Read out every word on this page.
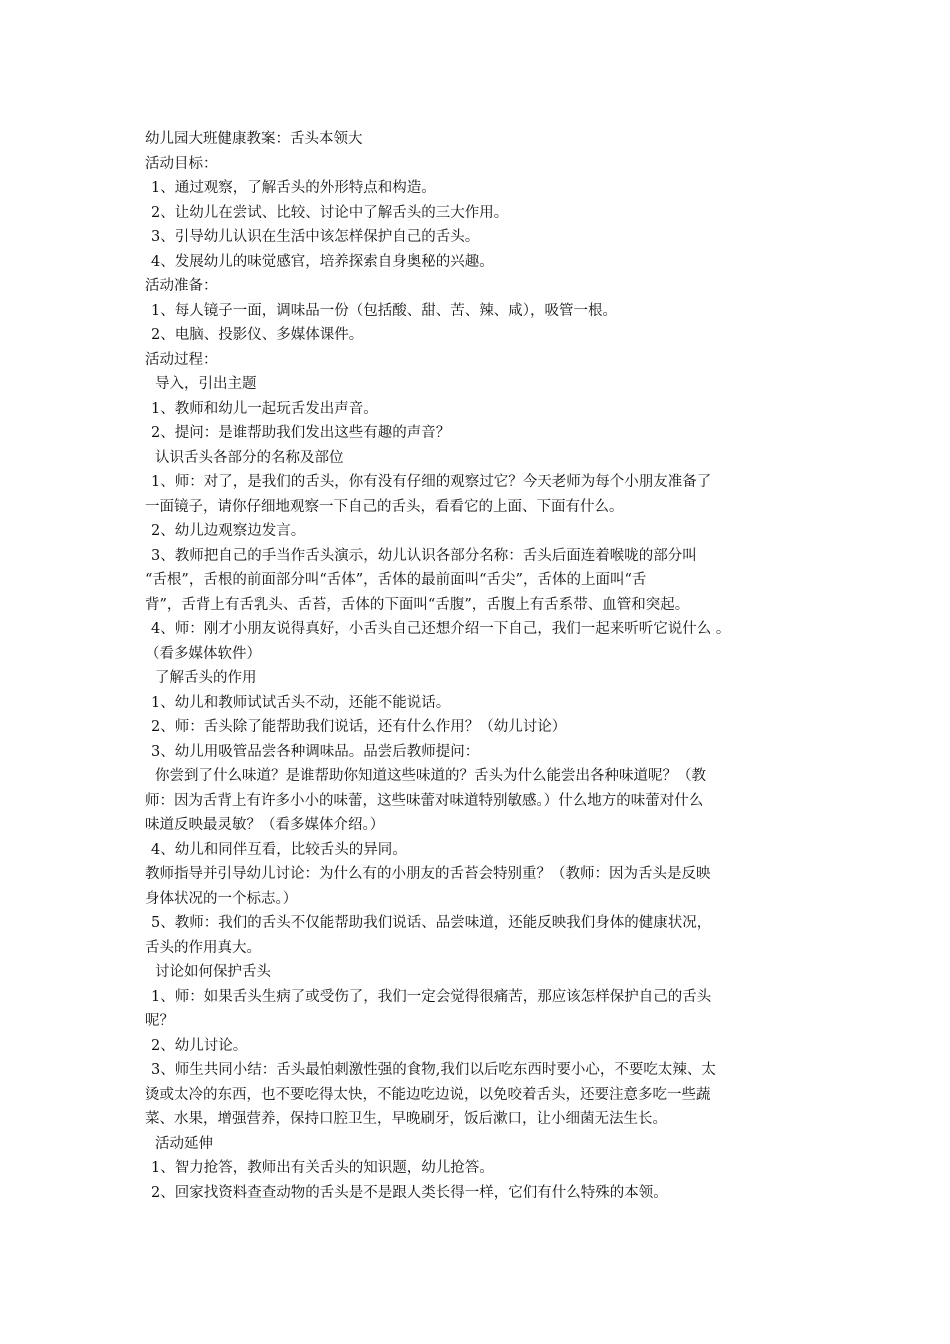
幼儿园大班健康教案：舌头本领大
活动目标：
1、通过观察，了解舌头的外形特点和构造。
2、让幼儿在尝试、比较、讨论中了解舌头的三大作用。
3、引导幼儿认识在生活中该怎样保护自己的舌头。
4、发展幼儿的味觉感官，培养探索自身奥秘的兴趣。
活动准备：
1、每人镜子一面，调味品一份（包括酸、甜、苦、辣、咸），吸管一根。
2、电脑、投影仪、多媒体课件。
活动过程：
导入，引出主题
1、教师和幼儿一起玩舌发出声音。
2、提问：是谁帮助我们发出这些有趣的声音？
认识舌头各部分的名称及部位
1、师：对了，是我们的舌头，你有没有仔细的观察过它？今天老师为每个小朋友准备了
一面镜子，请你仔细地观察一下自己的舌头，看看它的上面、下面有什么。
2、幼儿边观察边发言。
3、教师把自己的手当作舌头演示，幼儿认识各部分名称：舌头后面连着喉咙的部分叫
“舌根”，舌根的前面部分叫“舌体”，舌体的最前面叫“舌尖”，舌体的上面叫“舌
背”，舌背上有舌乳头、舌苔，舌体的下面叫“舌腹”，舌腹上有舌系带、血管和突起。
4、师：刚才小朋友说得真好，小舌头自己还想介绍一下自己，我们一起来听听它说什么 。
（看多媒体软件）
了解舌头的作用
1、幼儿和教师试试舌头不动，还能不能说话。
2、师：舌头除了能帮助我们说话，还有什么作用？（幼儿讨论）
3、幼儿用吸管品尝各种调味品。品尝后教师提问：
你尝到了什么味道？是谁帮助你知道这些味道的？舌头为什么能尝出各种味道呢？（教
师：因为舌背上有许多小小的味蕾，这些味蕾对味道特别敏感。）什么地方的味蕾对什么
味道反映最灵敏？（看多媒体介绍。）
4、幼儿和同伴互看，比较舌头的异同。
教师指导并引导幼儿讨论：为什么有的小朋友的舌苔会特别重？（教师：因为舌头是反映
身体状况的一个标志。）
5、教师：我们的舌头不仅能帮助我们说话、品尝味道，还能反映我们身体的健康状况，
舌头的作用真大。
讨论如何保护舌头
1、师：如果舌头生病了或受伤了，我们一定会觉得很痛苦，那应该怎样保护自己的舌头
呢？
2、幼儿讨论。
3、师生共同小结：舌头最怕刺激性强的食物,我们以后吃东西时要小心，不要吃太辣、太
烫或太冷的东西，也不要吃得太快，不能边吃边说，以免咬着舌头，还要注意多吃一些蔬
菜、水果，增强营养，保持口腔卫生，早晚刷牙，饭后漱口，让小细菌无法生长。
活动延伸
1、智力抢答，教师出有关舌头的知识题，幼儿抢答。
2、回家找资料查查动物的舌头是不是跟人类长得一样，它们有什么特殊的本领。
